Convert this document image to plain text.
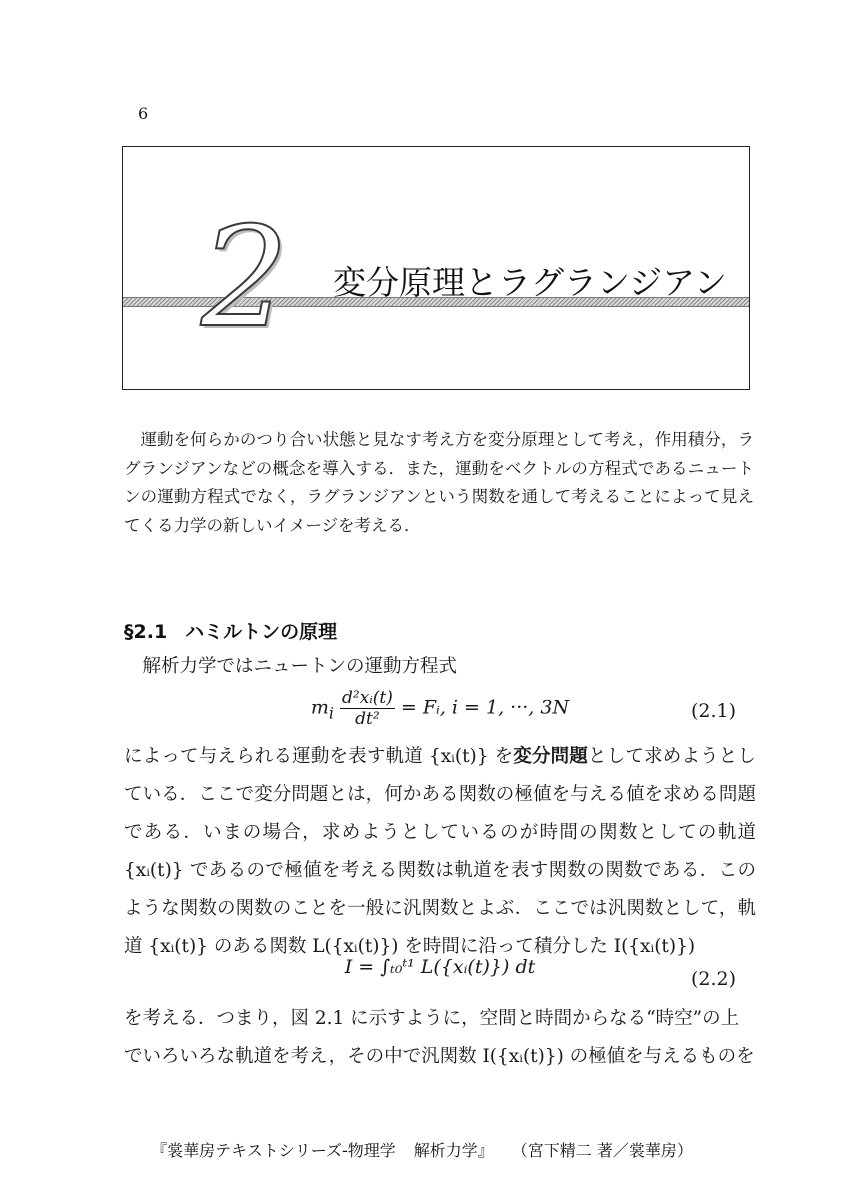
6
2 変分原理とラグランジアン

運動を何らかのつり合い状態と見なす考え方を変分原理として考え，作用積分，ラグランジアンなどの概念を導入する．また，運動をベクトルの方程式であるニュートンの運動方程式でなく，ラグランジアンという関数を通して考えることによって見えてくる力学の新しいイメージを考える．

§2.1 ハミルトンの原理

解析力学ではニュートンの運動方程式

$m_i \frac{\text{d²xᵢ(t)}}{\text{dt²}}$ = Fᵢ, i = 1, ···, 3N	(2.1)

によって与えられる運動を表す軌道 {xᵢ(t)} を変分問題として求めようとしている．ここで変分問題とは，何かある関数の極値を与える値を求める問題である．いまの場合，求めようとしているのが時間の関数としての軌道 {xᵢ(t)} であるので極値を考える関数は軌道を表す関数の関数である．このような関数の関数のことを一般に汎関数とよぶ．ここでは汎関数として，軌道 {xᵢ(t)} のある関数 L({xᵢ(t)}) を時間に沿って積分した I({xᵢ(t)})

I = ∫ₜ₀ᵗ¹ L({xᵢ(t)}) dt
(2.2)

を考える．つまり，図 2.1 に示すように，空間と時間からなる“時空”の上でいろいろな軌道を考え，その中で汎関数 I({xᵢ(t)}) の極値を与えるものを

『裳華房テキストシリーズ-物理学 解析力学』 （宮下精二 著／裳華房）
